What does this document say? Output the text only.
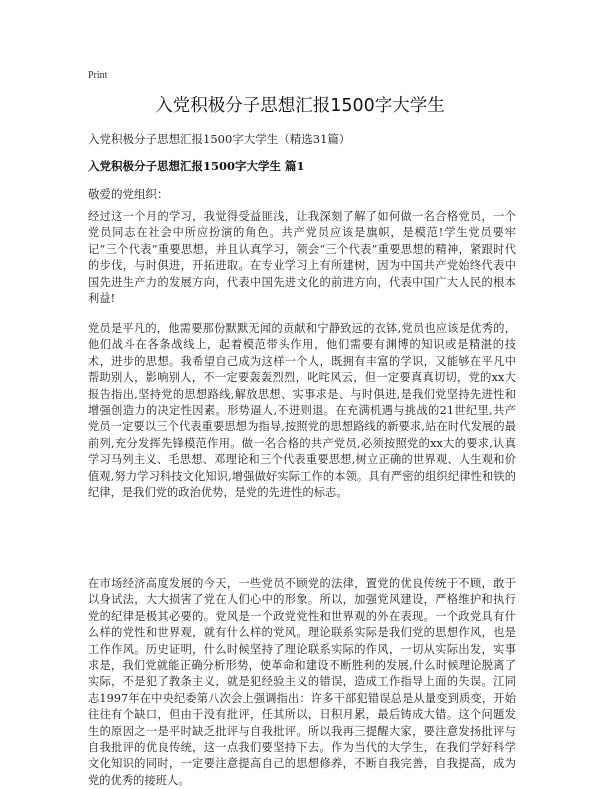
Print
入党积极分子思想汇报1500字大学生
入党积极分子思想汇报1500字大学生（精选31篇）
入党积极分子思想汇报1500字大学生 篇1
敬爱的党组织：

经过这一个月的学习，我觉得受益匪浅，让我深刻了解了如何做一名合格党员，一个党员同志在社会中所应扮演的角色。共产党员应该是旗帜，是模范!学生党员要牢记“三个代表”重要思想，并且认真学习，领会“三个代表”重要思想的精神，紧跟时代的步伐，与时俱进，开拓进取。在专业学习上有所建树，因为中国共产党始终代表中国先进生产力的发展方向，代表中国先进文化的前进方向，代表中国广大人民的根本利益!

党员是平凡的，他需要那份默默无闻的贡献和宁静致远的衣钵,党员也应该是优秀的，他们战斗在各条战线上，起着模范带头作用，他们需要有渊博的知识或是精湛的技术，进步的思想。我希望自己成为这样一个人，既拥有丰富的学识，又能够在平凡中帮助别人，影响别人，不一定要轰轰烈烈，叱咤风云，但一定要真真切切，党的xx大报告指出,坚持党的思想路线,解放思想、实事求是、与时俱进,是我们党坚持先进性和增强创造力的决定性因素。形势逼人,不进则退。在充满机遇与挑战的21世纪里,共产党员一定要以三个代表重要思想为指导,按照党的思想路线的新要求,站在时代发展的最前列,充分发挥先锋模范作用。做一名合格的共产党员,必须按照党的xx大的要求,认真学习马列主义、毛思想、邓理论和三个代表重要思想,树立正确的世界观、人生观和价值观,努力学习科技文化知识,增强做好实际工作的本领。具有严密的组织纪律性和铁的纪律，是我们党的政治优势，是党的先进性的标志。

在市场经济高度发展的今天，一些党员不顾党的法律，置党的优良传统于不顾，敢于以身试法，大大损害了党在人们心中的形象。所以，加强党风建设，严格维护和执行党的纪律是极其必要的。党风是一个政党党性和世界观的外在表现。一个政党具有什么样的党性和世界观，就有什么样的党风。理论联系实际是我们党的思想作风，也是工作作风。历史证明，什么时候坚持了理论联系实际的作风，一切从实际出发，实事求是，我们党就能正确分析形势，使革命和建设不断胜利的发展,什么时候理论脱离了实际，不是犯了教条主义，就是犯经验主义的错误，造成工作指导上面的失误。江同志1997年在中央纪委第八次会上强调指出：许多干部犯错误总是从量变到质变，开始往往有个缺口，但由于没有批评，任其所以，日积月累，最后铸成大错。这个问题发生的原因之一是平时缺乏批评与自我批评。所以我再三提醒大家，要注意发扬批评与自我批评的优良传统，这一点我们要坚持下去。作为当代的大学生，在我们学好科学文化知识的同时，一定要注意提高自己的思想修养，不断自我完善，自我提高，成为党的优秀的接班人。
